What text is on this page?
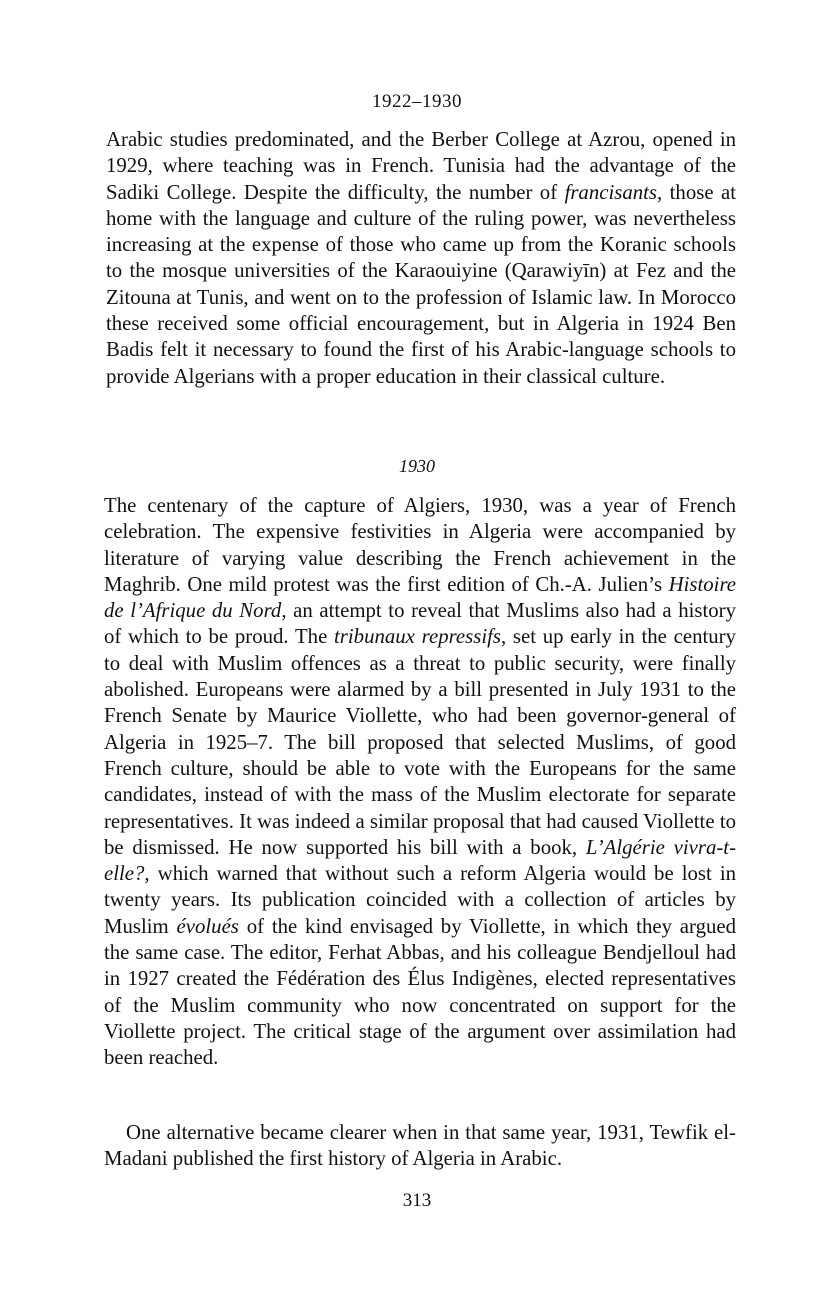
1922–1930

Arabic studies predominated, and the Berber College at Azrou, opened in 1929, where teaching was in French. Tunisia had the advantage of the Sadiki College. Despite the difficulty, the number of francisants, those at home with the language and culture of the ruling power, was nevertheless increasing at the expense of those who came up from the Koranic schools to the mosque universities of the Karaouiyine (Qarawiyīn) at Fez and the Zitouna at Tunis, and went on to the profession of Islamic law. In Morocco these received some official encouragement, but in Algeria in 1924 Ben Badis felt it necessary to found the first of his Arabic-language schools to provide Algerians with a proper education in their classical culture.

1930

The centenary of the capture of Algiers, 1930, was a year of French celebration. The expensive festivities in Algeria were accompanied by literature of varying value describing the French achievement in the Maghrib. One mild protest was the first edition of Ch.-A. Julien’s Histoire de l’Afrique du Nord, an attempt to reveal that Muslims also had a history of which to be proud. The tribunaux repressifs, set up early in the century to deal with Muslim offences as a threat to public security, were finally abolished. Europeans were alarmed by a bill presented in July 1931 to the French Senate by Maurice Viollette, who had been governor-general of Algeria in 1925–7. The bill proposed that selected Muslims, of good French culture, should be able to vote with the Europeans for the same candidates, instead of with the mass of the Muslim electorate for separate representatives. It was indeed a similar proposal that had caused Viollette to be dismissed. He now supported his bill with a book, L’Algérie vivra-t-elle?, which warned that without such a reform Algeria would be lost in twenty years. Its publication coincided with a collection of articles by Muslim évolués of the kind envisaged by Viollette, in which they argued the same case. The editor, Ferhat Abbas, and his colleague Bendjelloul had in 1927 created the Fédération des Élus Indigènes, elected representatives of the Muslim community who now concentrated on support for the Viollette project. The critical stage of the argument over assimilation had been reached.

One alternative became clearer when in that same year, 1931, Tewfik el-Madani published the first history of Algeria in Arabic.

313
